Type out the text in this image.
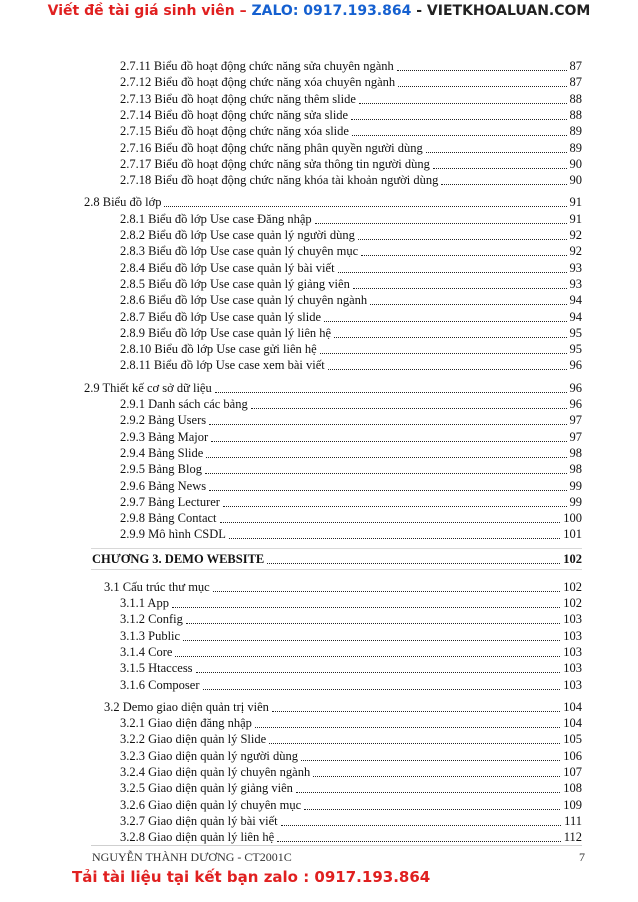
Viết đề tài giá sinh viên – ZALO: 0917.193.864 - VIETKHOALUAN.COM
2.7.11 Biểu đồ hoạt động chức năng sửa chuyên ngành	87
2.7.12 Biểu đồ hoạt động chức năng xóa chuyên ngành	87
2.7.13 Biểu đồ hoạt động chức năng thêm slide	88
2.7.14 Biểu đồ hoạt động chức năng sửa slide	88
2.7.15 Biểu đồ hoạt động chức năng xóa slide	89
2.7.16 Biểu đồ hoạt động chức năng phân quyền người dùng	89
2.7.17 Biểu đồ hoạt động chức năng sửa thông tin người dùng	90
2.7.18 Biểu đồ hoạt động chức năng khóa tài khoản người dùng	90
2.8 Biểu đồ lớp	91
2.8.1 Biểu đồ lớp Use case Đăng nhập	91
2.8.2 Biểu đồ lớp Use case quản lý người dùng	92
2.8.3 Biểu đồ lớp Use case quản lý chuyên mục	92
2.8.4 Biểu đồ lớp Use case quản lý bài viết	93
2.8.5 Biểu đồ lớp Use case quản lý giảng viên	93
2.8.6 Biểu đồ lớp Use case quản lý chuyên ngành	94
2.8.7 Biểu đồ lớp Use case quản lý slide	94
2.8.9 Biểu đồ lớp Use case quản lý liên hệ	95
2.8.10 Biểu đồ lớp Use case gửi liên hệ	95
2.8.11 Biểu đồ lớp Use case xem bài viết	96
2.9 Thiết kế cơ sở dữ liệu	96
2.9.1 Danh sách các bảng	96
2.9.2 Bảng Users	97
2.9.3 Bảng Major	97
2.9.4 Bảng Slide	98
2.9.5 Bảng Blog	98
2.9.6 Bảng News	99
2.9.7 Bảng Lecturer	99
2.9.8 Bảng Contact	100
2.9.9 Mô hình CSDL	101
CHƯƠNG 3. DEMO WEBSITE	102
3.1 Cấu trúc thư mục	102
3.1.1 App	102
3.1.2 Config	103
3.1.3 Public	103
3.1.4 Core	103
3.1.5 Htaccess	103
3.1.6 Composer	103
3.2 Demo giao diện quản trị viên	104
3.2.1 Giao diện đăng nhập	104
3.2.2 Giao diện quản lý Slide	105
3.2.3 Giao diện quản lý người dùng	106
3.2.4 Giao diện quản lý chuyên ngành	107
3.2.5 Giao diện quản lý giảng viên	108
3.2.6 Giao diện quản lý chuyên mục	109
3.2.7 Giao diện quản lý bài viết	111
3.2.8 Giao diện quản lý liên hệ	112
NGUYỄN THÀNH DƯƠNG - CT2001C	7
Tải tài liệu tại kết bạn zalo : 0917.193.864
